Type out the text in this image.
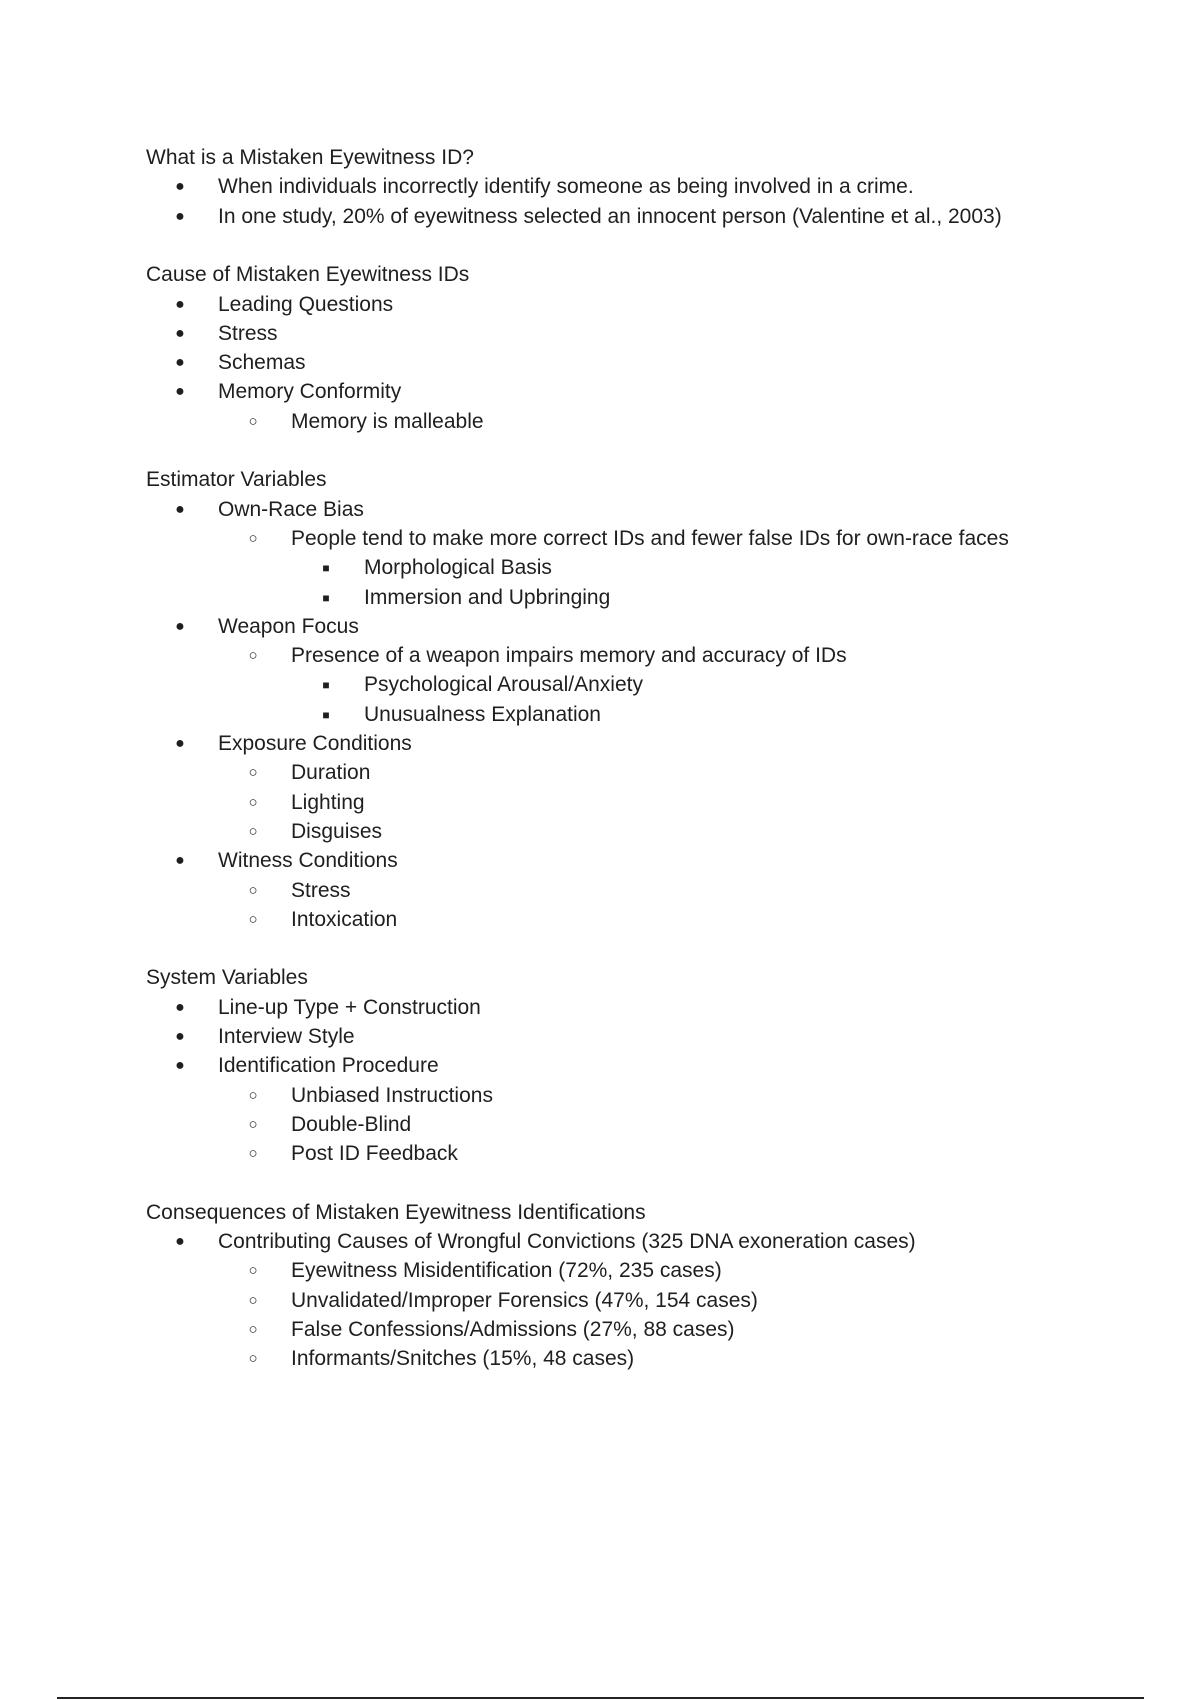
What is a Mistaken Eyewitness ID?
● When individuals incorrectly identify someone as being involved in a crime.
● In one study, 20% of eyewitness selected an innocent person (Valentine et al., 2003)
Cause of Mistaken Eyewitness IDs
● Leading Questions
● Stress
● Schemas
● Memory Conformity
○ Memory is malleable
Estimator Variables
● Own-Race Bias
○ People tend to make more correct IDs and fewer false IDs for own-race faces
■	Morphological Basis
■	Immersion and Upbringing
● Weapon Focus
○ Presence of a weapon impairs memory and accuracy of IDs
■	Psychological Arousal/Anxiety
■	Unusualness Explanation
● Exposure Conditions
○ Duration
○ Lighting
○ Disguises
● Witness Conditions
○ Stress
○ Intoxication
System Variables
● Line-up Type + Construction
● Interview Style
● Identification Procedure
○ Unbiased Instructions
○ Double-Blind
○ Post ID Feedback
Consequences of Mistaken Eyewitness Identifications
● Contributing Causes of Wrongful Convictions (325 DNA exoneration cases)
○ Eyewitness Misidentification (72%, 235 cases)
○ Unvalidated/Improper Forensics (47%, 154 cases)
○ False Confessions/Admissions (27%, 88 cases)
○ Informants/Snitches (15%, 48 cases)
